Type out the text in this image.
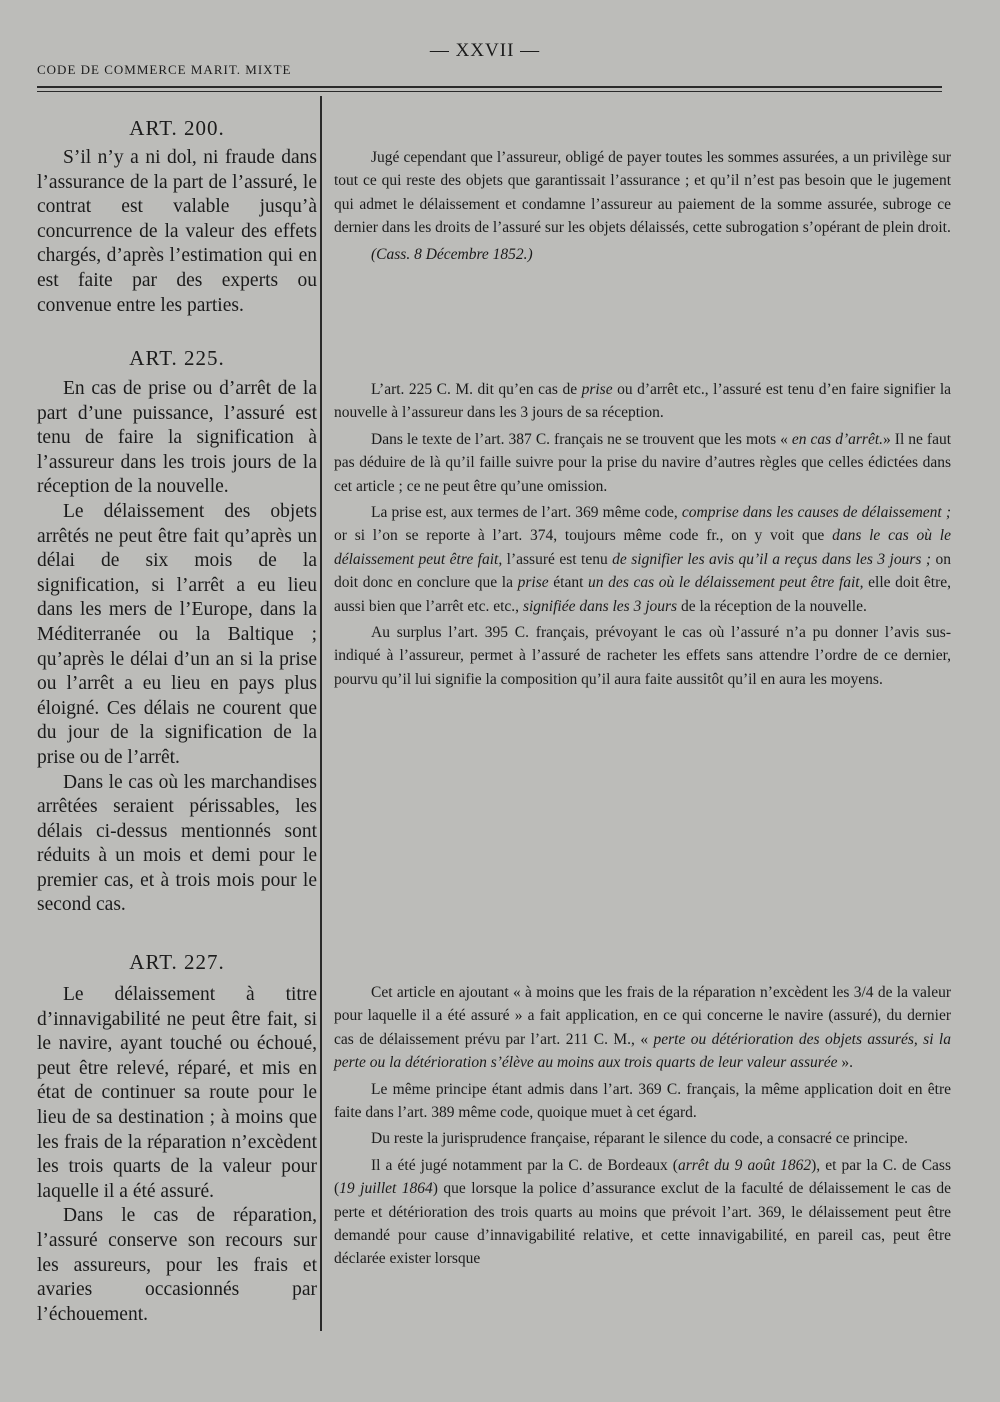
CODE DE COMMERCE MARIT. MIXTE
— XXVII —
ART. 200.

S’il n’y a ni dol, ni fraude dans l’assurance de la part de l’assuré, le contrat est valable jusqu’à concurrence de la valeur des effets chargés, d’après l’estimation qui en est faite par des experts ou convenue entre les parties.

Jugé cependant que l’assureur, obligé de payer toutes les sommes assurées, a un privilège sur tout ce qui reste des objets que garantissait l’assurance ; et qu’il n’est pas besoin que le jugement qui admet le délaissement et condamne l’assureur au paiement de la somme assurée, subroge ce dernier dans les droits de l’assuré sur les objets délaissés, cette subrogation s’opérant de plein droit.

(Cass. 8 Décembre 1852.)

ART. 225.

En cas de prise ou d’arrêt de la part d’une puissance, l’assuré est tenu de faire la signification à l’assureur dans les trois jours de la réception de la nouvelle.

Le délaissement des objets arrêtés ne peut être fait qu’après un délai de six mois de la signification, si l’arrêt a eu lieu dans les mers de l’Europe, dans la Méditerranée ou la Baltique ; qu’après le délai d’un an si la prise ou l’arrêt a eu lieu en pays plus éloigné. Ces délais ne courent que du jour de la signification de la prise ou de l’arrêt.

Dans le cas où les marchandises arrêtées seraient périssables, les délais ci-dessus mentionnés sont réduits à un mois et demi pour le premier cas, et à trois mois pour le second cas.

L’art. 225 C. M. dit qu’en cas de prise ou d’arrêt etc., l’assuré est tenu d’en faire signifier la nouvelle à l’assureur dans les 3 jours de sa réception.

Dans le texte de l’art. 387 C. français ne se trouvent que les mots « en cas d’arrêt.» Il ne faut pas déduire de là qu’il faille suivre pour la prise du navire d’autres règles que celles édictées dans cet article ; ce ne peut être qu’une omission.

La prise est, aux termes de l’art. 369 même code, comprise dans les causes de délaissement ; or si l’on se reporte à l’art. 374, toujours même code fr., on y voit que dans le cas où le délaissement peut être fait, l’assuré est tenu de signifier les avis qu’il a reçus dans les 3 jours ; on doit donc en conclure que la prise étant un des cas où le délaissement peut être fait, elle doit être, aussi bien que l’arrêt etc. etc., signifiée dans les 3 jours de la réception de la nouvelle.

Au surplus l’art. 395 C. français, prévoyant le cas où l’assuré n’a pu donner l’avis sus-indiqué à l’assureur, permet à l’assuré de racheter les effets sans attendre l’ordre de ce dernier, pourvu qu’il lui signifie la composition qu’il aura faite aussitôt qu’il en aura les moyens.

ART. 227.

Le délaissement à titre d’innavigabilité ne peut être fait, si le navire, ayant touché ou échoué, peut être relevé, réparé, et mis en état de continuer sa route pour le lieu de sa destination ; à moins que les frais de la réparation n’excèdent les trois quarts de la valeur pour laquelle il a été assuré.

Dans le cas de réparation, l’assuré conserve son recours sur les assureurs, pour les frais et avaries occasionnés par l’échouement.

Cet article en ajoutant « à moins que les frais de la réparation n’excèdent les 3/4 de la valeur pour laquelle il a été assuré » a fait application, en ce qui concerne le navire (assuré), du dernier cas de délaissement prévu par l’art. 211 C. M., « perte ou détérioration des objets assurés, si la perte ou la détérioration s’élève au moins aux trois quarts de leur valeur assurée ».

Le même principe étant admis dans l’art. 369 C. français, la même application doit en être faite dans l’art. 389 même code, quoique muet à cet égard.

Du reste la jurisprudence française, réparant le silence du code, a consacré ce principe.

Il a été jugé notamment par la C. de Bordeaux (arrêt du 9 août 1862), et par la C. de Cass (19 juillet 1864) que lorsque la police d’assurance exclut de la faculté de délaissement le cas de perte et détérioration des trois quarts au moins que prévoit l’art. 369, le délaissement peut être demandé pour cause d’innavigabilité relative, et cette innavigabilité, en pareil cas, peut être déclarée exister lorsque
